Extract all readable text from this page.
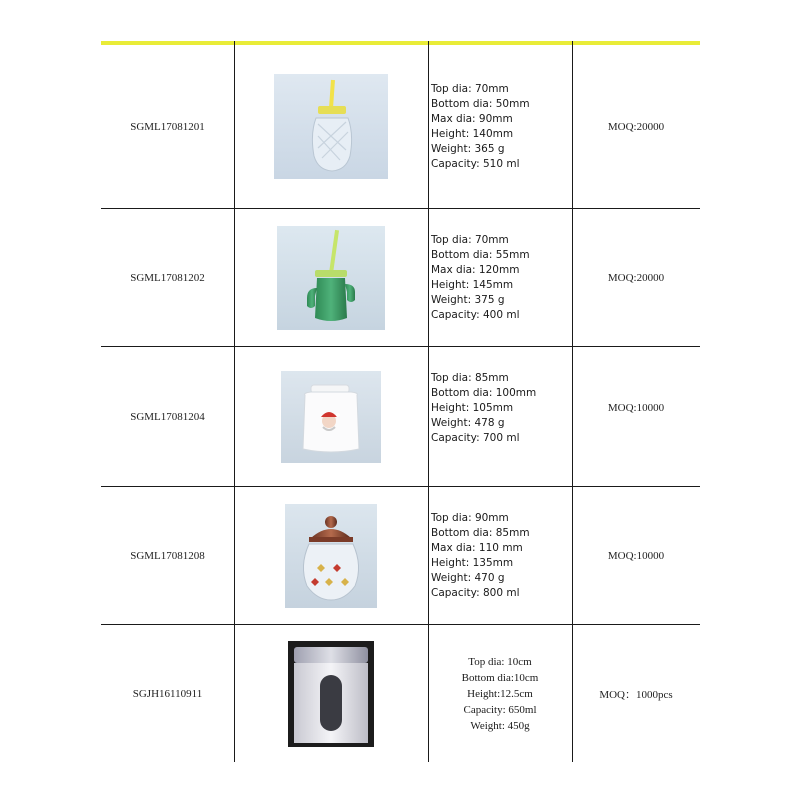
SGML17081201
Top dia: 70mm
Bottom dia: 50mm
Max dia: 90mm
Height: 140mm
Weight: 365 g
Capacity: 510 ml
MOQ:20000
SGML17081202
Top dia: 70mm
Bottom dia: 55mm
Max dia: 120mm
Height: 145mm
Weight: 375 g
Capacity: 400 ml
MOQ:20000
SGML17081204
Top dia: 85mm
Bottom dia: 100mm
Height: 105mm
Weight: 478 g
Capacity: 700 ml
MOQ:10000
SGML17081208
Top dia: 90mm
Bottom dia: 85mm
Max dia: 110 mm
Height: 135mm
Weight: 470 g
Capacity: 800 ml
MOQ:10000
SGJH16110911
Top dia: 10cm
Bottom dia:10cm
Height:12.5cm
Capacity: 650ml
Weight: 450g
MOQ：1000pcs
